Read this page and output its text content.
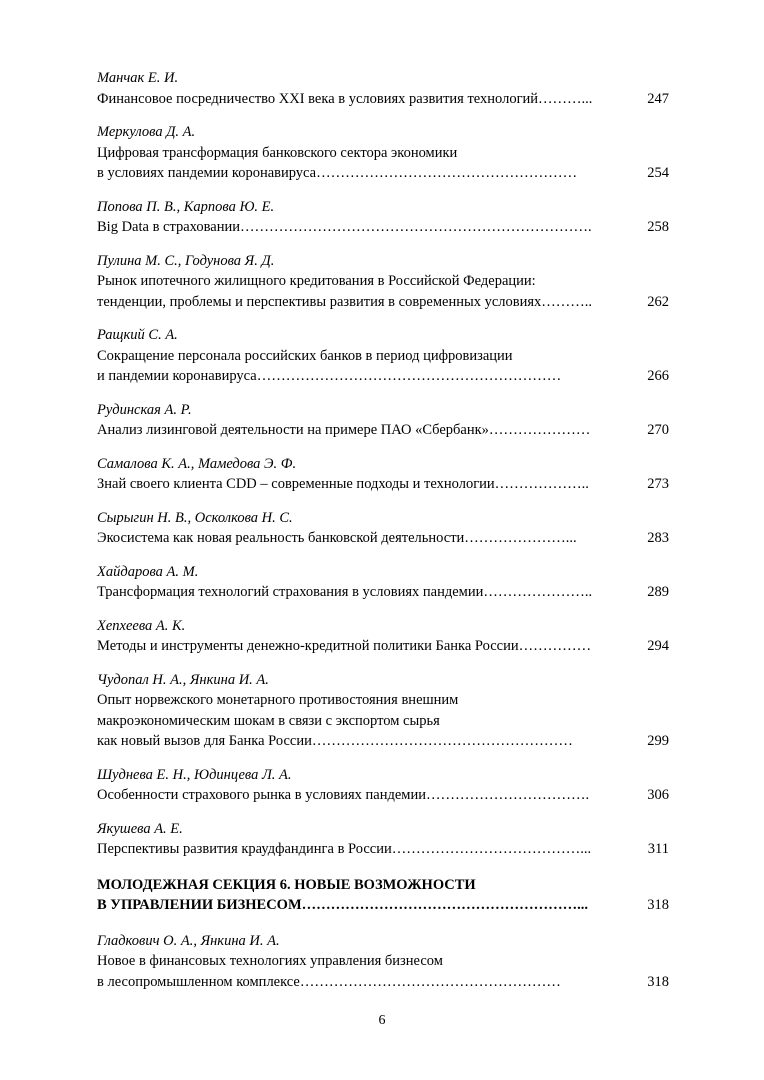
Манчак Е. И.
Финансовое посредничество XXI века в условиях развития технологий………...	247
Меркулова Д. А.
Цифровая трансформация банковского сектора экономики
в условиях пандемии коронавируса………………………………………………	254
Попова П. В., Карпова Ю. Е.
Big Data в страховании……………………………………………………………….	258
Пулина М. С., Годунова Я. Д.
Рынок ипотечного жилищного кредитования в Российской Федерации:
тенденции, проблемы и перспективы развития в современных условиях………..	262
Ращкий С. А.
Сокращение персонала российских банков в период цифровизации
и пандемии коронавируса………………………………………………………	266
Рудинская А. Р.
Анализ лизинговой деятельности на примере ПАО «Сбербанк»…………………	270
Самалова К. А., Мамедова Э. Ф.
Знай своего клиента CDD – современные подходы и технологии………………..	273
Сырыгин Н. В., Осколкова Н. С.
Экосистема как новая реальность банковской деятельности…………………...	283
Хайдарова А. М.
Трансформация технологий страхования в условиях пандемии…………………..	289
Хепхеева А. К.
Методы и инструменты денежно-кредитной политики Банка России……………	294
Чудопал Н. А., Янкина И. А.
Опыт норвежского монетарного противостояния внешним
макроэкономическим шокам в связи с экспортом сырья
как новый вызов для Банка России………………………………………………	299
Шуднева Е. Н., Юдинцева Л. А.
Особенности страхового рынка в условиях пандемии…………………………….	306
Якушева А. Е.
Перспективы развития краудфандинга в России…………………………………...	311
МОЛОДЕЖНАЯ СЕКЦИЯ 6. НОВЫЕ ВОЗМОЖНОСТИ
В УПРАВЛЕНИИ БИЗНЕСОМ…………………………………………………...	318
Гладкович О. А., Янкина И. А.
Новое в финансовых технологиях управления бизнесом
в лесопромышленном комплексе………………………………………………	318
6
